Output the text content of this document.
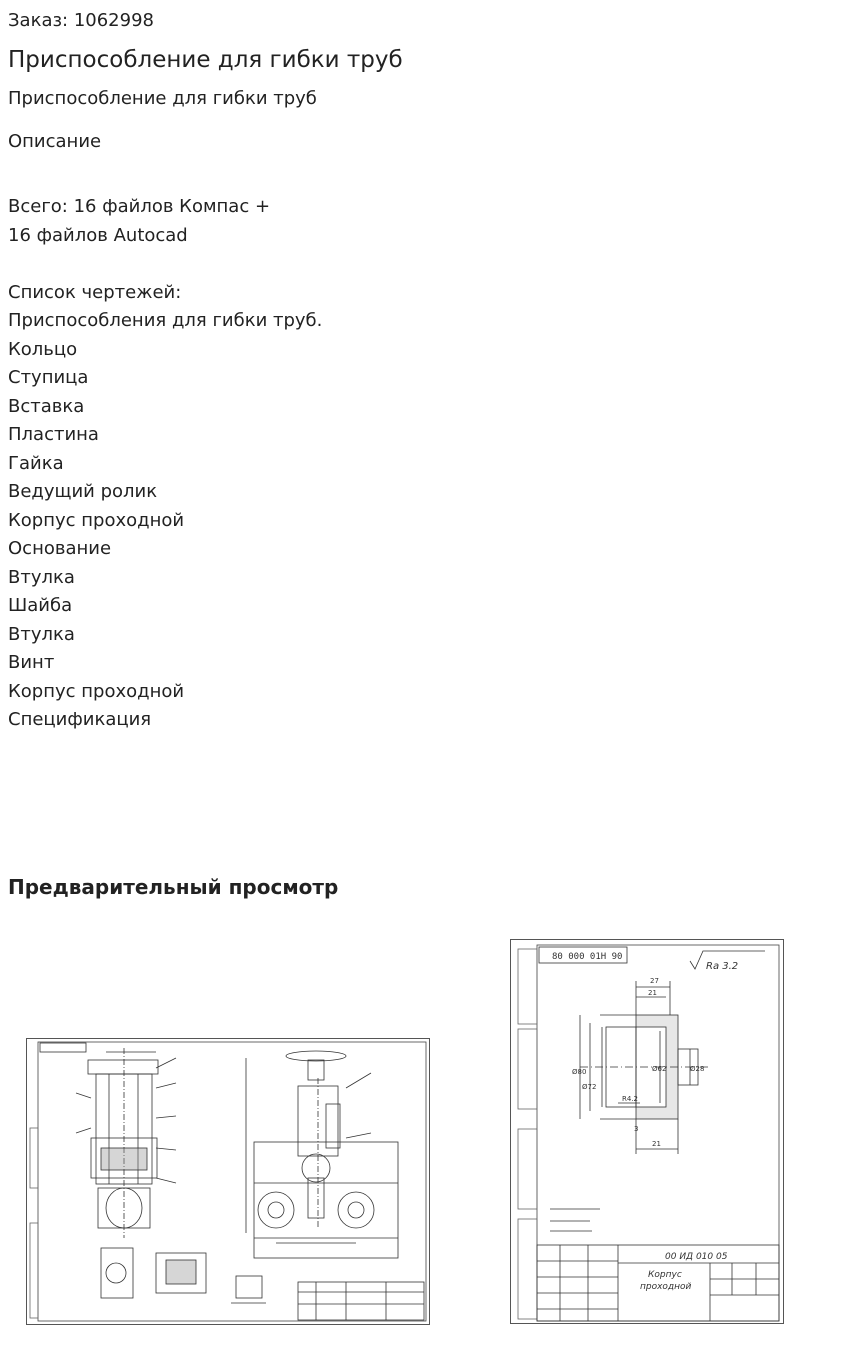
Заказ: 1062998
Приспособление для гибки труб
Приспособление для гибки труб
Описание
Всего: 16 файлов Компас +
16 файлов Autocad
Список чертежей:
Приспособления для гибки труб.
Кольцо
Ступица
Вставка
Пластина
Гайка
Ведущий ролик
Корпус проходной
Основание
Втулка
Шайба
Втулка
Винт
Корпус проходной
Спецификация
Предварительный просмотр
80 000 01Н 90
Ra 3.2
27
21
Ø80
Ø72
Ø62	Ø28
R4.2
3
21
00 ИД 010 05
Корпус
проходной
